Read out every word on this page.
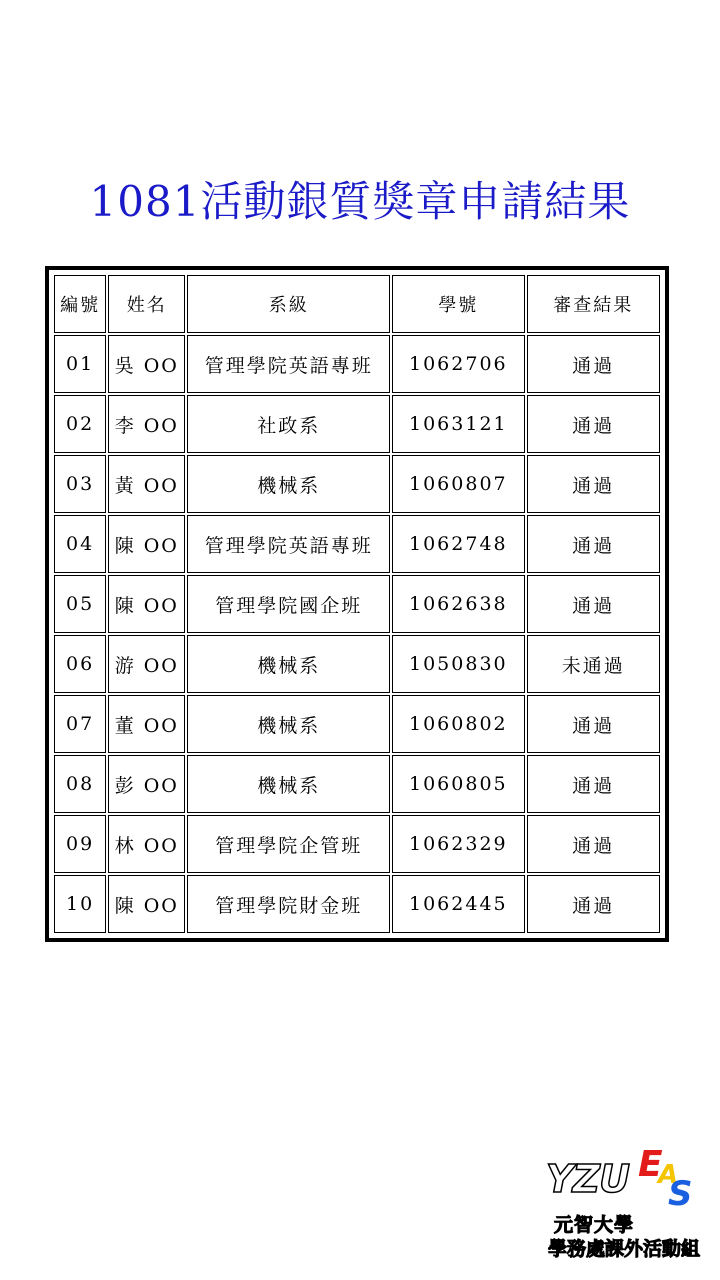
1081活動銀質獎章申請結果
編號	姓名	系級	學號	審查結果
01	吳 OO	管理學院英語專班	1062706	通過
02	李 OO	社政系	1063121	通過
03	黃 OO	機械系	1060807	通過
04	陳 OO	管理學院英語專班	1062748	通過
05	陳 OO	管理學院國企班	1062638	通過
06	游 OO	機械系	1050830	未通過
07	董 OO	機械系	1060802	通過
08	彭 OO	機械系	1060805	通過
09	林 OO	管理學院企管班	1062329	通過
10	陳 OO	管理學院財金班	1062445	通過
YZU E
A
S
元智大學
學務處課外活動組
